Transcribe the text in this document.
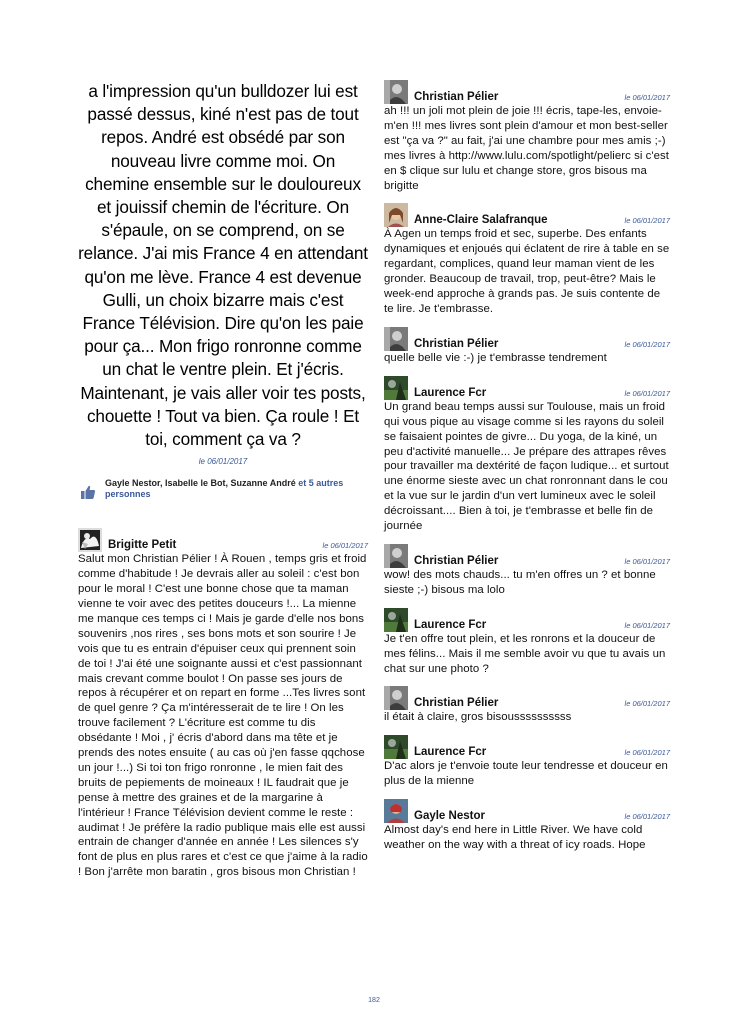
a l'impression qu'un bulldozer lui est passé dessus, kiné n'est pas de tout repos. André est obsédé par son nouveau livre comme moi. On chemine ensemble sur le douloureux et jouissif chemin de l'écriture. On s'épaule, on se comprend, on se relance. J'ai mis France 4 en attendant qu'on me lève. France 4 est devenue Gulli, un choix bizarre mais c'est France Télévision. Dire qu'on les paie pour ça... Mon frigo ronronne comme un chat le ventre plein. Et j'écris. Maintenant, je vais aller voir tes posts, chouette ! Tout va bien. Ça roule ! Et toi, comment ça va ?

le 06/01/2017
Gayle Nestor, Isabelle le Bot, Suzanne André et 5 autres personnes
Brigitte Petit	le 06/01/2017

Salut mon Christian Pélier ! À Rouen , temps gris et froid comme d'habitude ! Je devrais aller au soleil : c'est bon pour le moral ! C'est une bonne chose que ta maman vienne te voir avec des petites douceurs !... La mienne me manque ces temps ci ! Mais je garde d'elle nos bons souvenirs ,nos rires , ses bons mots et son sourire ! Je vois que tu es entrain d'épuiser ceux qui prennent soin de toi ! J'ai été une soignante aussi et c'est passionnant mais crevant comme boulot ! On passe ses jours de repos à récupérer et on repart en forme ...Tes livres sont de quel genre ? Ça m'intéresserait de te lire ! On les trouve facilement ? L'écriture est comme tu dis obsédante ! Moi , j' écris d'abord dans ma tête et je prends des notes ensuite ( au cas où j'en fasse qqchose un jour !...) Si toi ton frigo ronronne , le mien fait des bruits de pepiements de moineaux ! IL faudrait que je pense à mettre des graines et de la margarine à l'intérieur ! France Télévision devient comme le reste : audimat ! Je préfère la radio publique mais elle est aussi entrain de changer d'année en année ! Les silences s'y font de plus en plus rares et c'est ce que j'aime à la radio ! Bon j'arrête mon baratin , gros bisous mon Christian !

Christian Pélier	le 06/01/2017

ah !!! un joli mot plein de joie !!! écris, tape-les, envoie-m'en !!! mes livres sont plein d'amour et mon best-seller est "ça va ?" au fait, j'ai une chambre pour mes amis ;-) mes livres à http://www.lulu.com/spotlight/pelierc si c'est en $ clique sur lulu et change store, gros bisous ma brigitte

Anne-Claire Salafranque	le 06/01/2017

À Agen un temps froid et sec, superbe. Des enfants dynamiques et enjoués qui éclatent de rire à table en se regardant, complices, quand leur maman vient de les gronder. Beaucoup de travail, trop, peut-être? Mais le week-end approche à grands pas. Je suis contente de te lire. Je t'embrasse.

Christian Pélier	le 06/01/2017

quelle belle vie :-) je t'embrasse tendrement

Laurence Fcr	le 06/01/2017

Un grand beau temps aussi sur Toulouse, mais un froid qui vous pique au visage comme si les rayons du soleil se faisaient pointes de givre... Du yoga, de la kiné, un peu d'activité manuelle... Je prépare des attrapes rêves pour travailler ma dextérité de façon ludique... et surtout une énorme sieste avec un chat ronronnant dans le cou et la vue sur le jardin d'un vert lumineux avec le soleil décroissant.... Bien à toi, je t'embrasse et belle fin de journée

Christian Pélier	le 06/01/2017

wow! des mots chauds... tu m'en offres un ? et bonne sieste ;-) bisous ma lolo

Laurence Fcr	le 06/01/2017

Je t'en offre tout plein, et les ronrons et la douceur de mes félins... Mais il me semble avoir vu que tu avais un chat sur une photo ?

Christian Pélier	le 06/01/2017

il était à claire, gros bisoussssssssss

Laurence Fcr	le 06/01/2017

D'ac alors je t'envoie toute leur tendresse et douceur en plus de la mienne

Gayle Nestor	le 06/01/2017

Almost day's end here in Little River. We have cold weather on the way with a threat of icy roads. Hope

182
